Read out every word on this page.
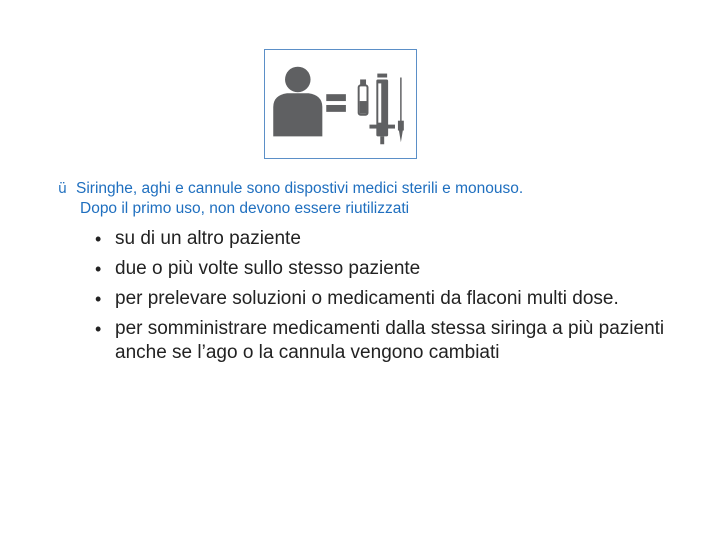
ü Siringhe, aghi e cannule sono dispostivi medici sterili e monouso.
Dopo il primo uso, non devono essere riutilizzati
• su di un altro paziente
• due o più volte sullo stesso paziente
• per prelevare soluzioni o medicamenti da flaconi multi dose.
• per somministrare medicamenti dalla stessa siringa a più pazienti anche se l’ago o la cannula vengono cambiati
